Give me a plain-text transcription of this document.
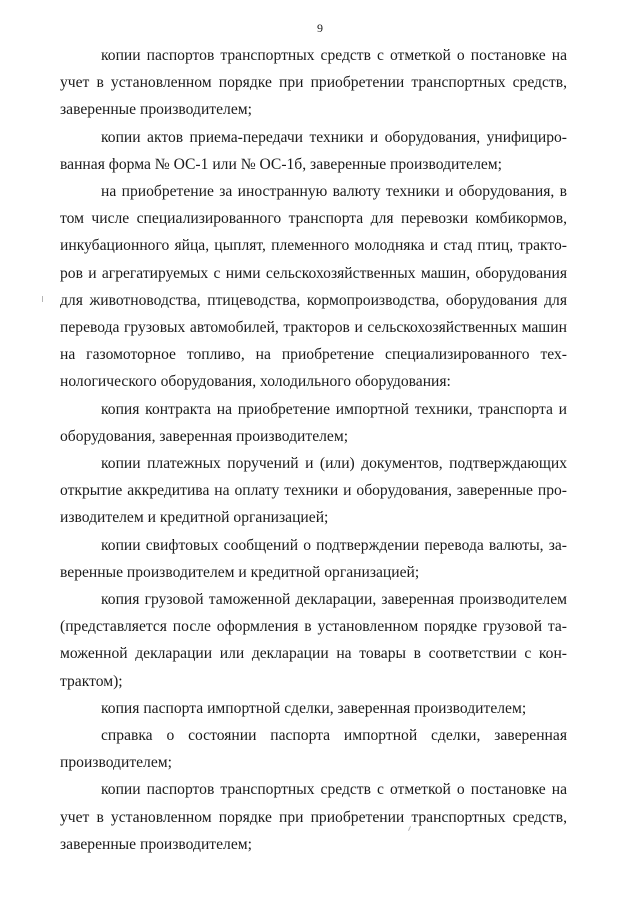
9

копии паспортов транспортных средств с отметкой о постановке на учет в установленном порядке при приобретении транспортных средств, заверенные производителем;

копии актов приема-передачи техники и оборудования, унифицированная форма № ОС-1 или № ОС-1б, заверенные производителем;

на приобретение за иностранную валюту техники и оборудования, в том числе специализированного транспорта для перевозки комбикормов, инкубационного яйца, цыплят, племенного молодняка и стад птиц, тракторов и агрегатируемых с ними сельскохозяйственных машин, оборудования для животноводства, птицеводства, кормопроизводства, оборудования для перевода грузовых автомобилей, тракторов и сельскохозяйственных машин на газомоторное топливо, на приобретение специализированного технологического оборудования, холодильного оборудования:

копия контракта на приобретение импортной техники, транспорта и оборудования, заверенная производителем;

копии платежных поручений и (или) документов, подтверждающих открытие аккредитива на оплату техники и оборудования, заверенные производителем и кредитной организацией;

копии свифтовых сообщений о подтверждении перевода валюты, заверенные производителем и кредитной организацией;

копия грузовой таможенной декларации, заверенная производителем (представляется после оформления в установленном порядке грузовой таможенной декларации или декларации на товары в соответствии с контрактом);

копия паспорта импортной сделки, заверенная производителем;

справка о состоянии паспорта импортной сделки, заверенная производителем;

копии паспортов транспортных средств с отметкой о постановке на учет в установленном порядке при приобретении транспортных средств, заверенные производителем;
